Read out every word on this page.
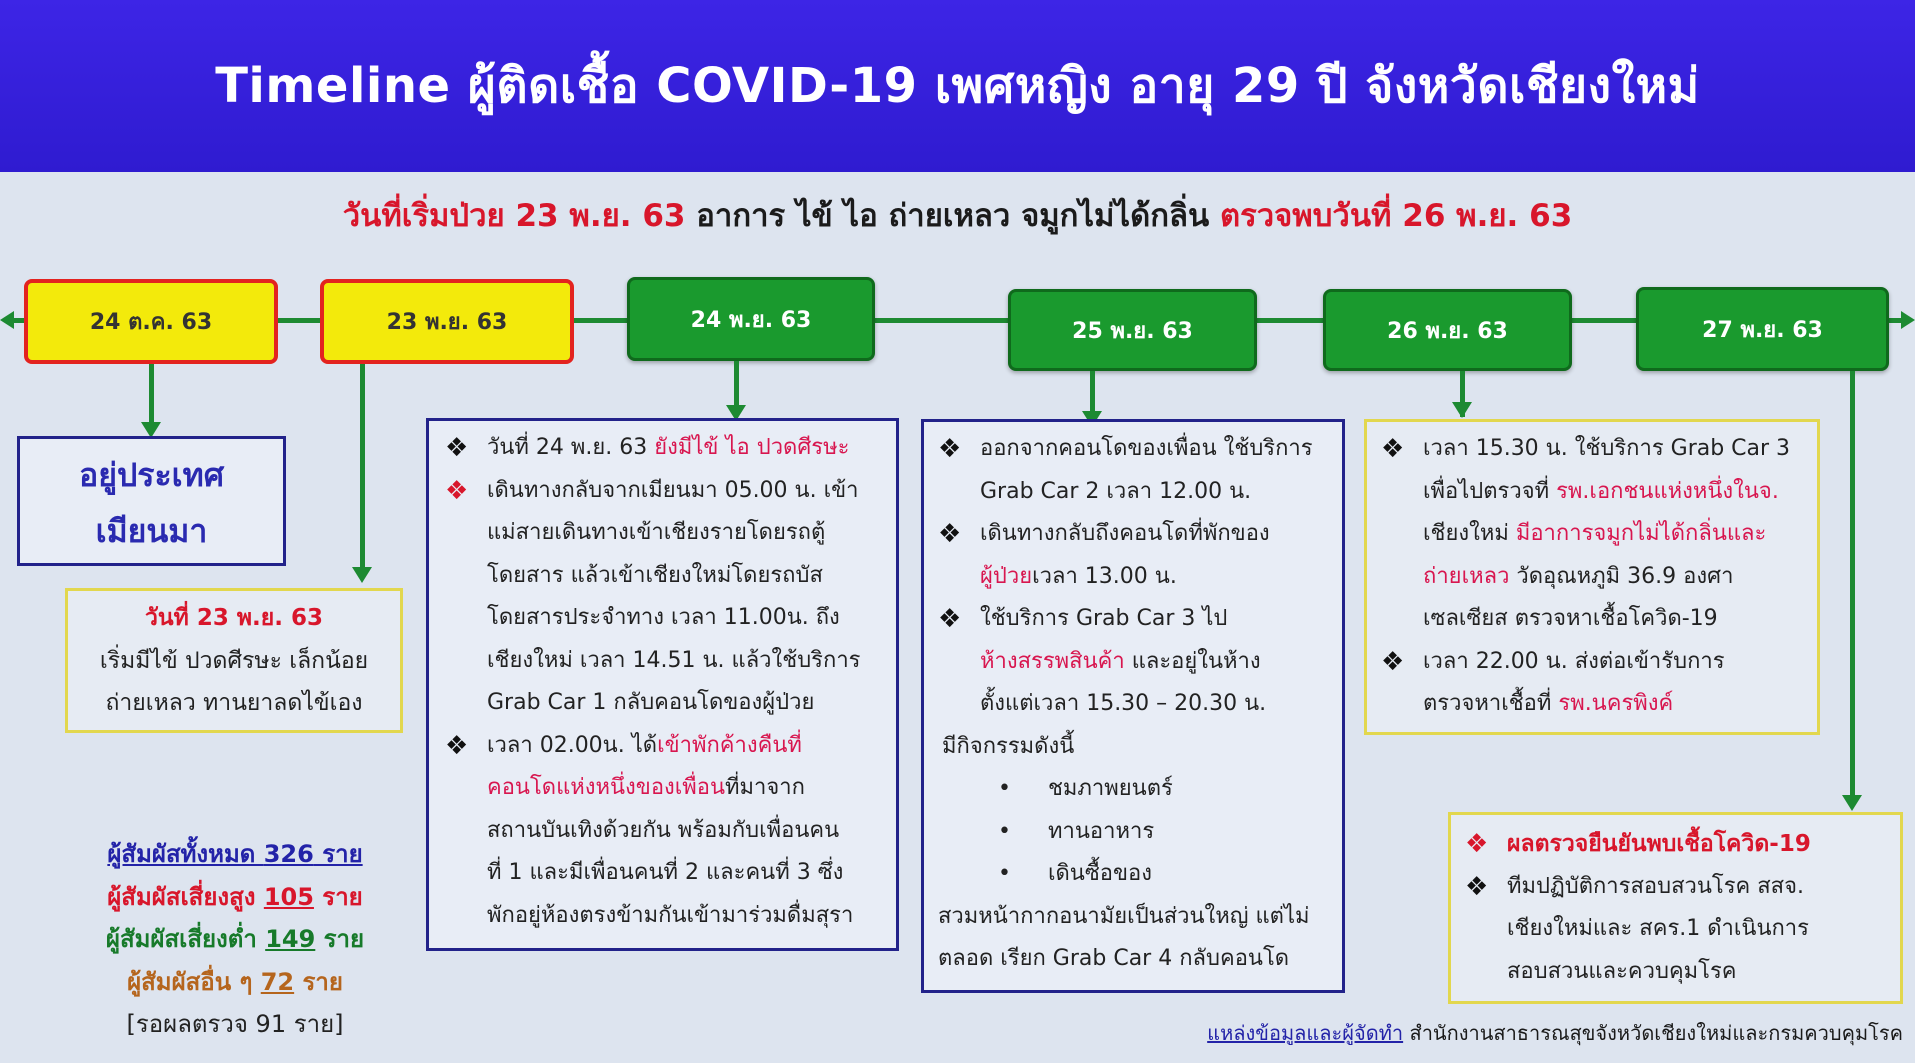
Timeline ผู้ติดเชื้อ COVID-19 เพศหญิง อายุ 29 ปี จังหวัดเชียงใหม่
วันที่เริ่มป่วย 23 พ.ย. 63 อาการ ไข้ ไอ ถ่ายเหลว จมูกไม่ได้กลิ่น ตรวจพบวันที่ 26 พ.ย. 63
24 ต.ค. 63	23 พ.ย. 63	24 พ.ย. 63	25 พ.ย. 63	26 พ.ย. 63	27 พ.ย. 63
อยู่ประเทศ
เมียนมา
วันที่ 23 พ.ย. 63
เริ่มมีไข้ ปวดศีรษะ เล็กน้อย
ถ่ายเหลว ทานยาลดไข้เอง
❖ วันที่ 24 พ.ย. 63 ยังมีไข้ ไอ ปวดศีรษะ
❖ เดินทางกลับจากเมียนมา 05.00 น. เข้า
แม่สายเดินทางเข้าเชียงรายโดยรถตู้
โดยสาร แล้วเข้าเชียงใหม่โดยรถบัส
โดยสารประจำทาง เวลา 11.00น. ถึง
เชียงใหม่ เวลา 14.51 น. แล้วใช้บริการ
Grab Car 1 กลับคอนโดของผู้ป่วย
❖ เวลา 02.00น. ได้เข้าพักค้างคืนที่
คอนโดแห่งหนึ่งของเพื่อนที่มาจาก
สถานบันเทิงด้วยกัน พร้อมกับเพื่อนคน
ที่ 1 และมีเพื่อนคนที่ 2 และคนที่ 3 ซึ่ง
พักอยู่ห้องตรงข้ามกันเข้ามาร่วมดื่มสุรา
❖ ออกจากคอนโดของเพื่อน ใช้บริการ
Grab Car 2 เวลา 12.00 น.
❖ เดินทางกลับถึงคอนโดที่พักของ
ผู้ป่วยเวลา 13.00 น.
❖ ใช้บริการ Grab Car 3 ไป
ห้างสรรพสินค้า และอยู่ในห้าง
ตั้งแต่เวลา 15.30 – 20.30 น.
มีกิจกรรมดังนี้
•	ชมภาพยนตร์
•	ทานอาหาร
•	เดินซื้อของ
สวมหน้ากากอนามัยเป็นส่วนใหญ่ แต่ไม่
ตลอด เรียก Grab Car 4 กลับคอนโด
❖ เวลา 15.30 น. ใช้บริการ Grab Car 3
เพื่อไปตรวจที่ รพ.เอกชนแห่งหนึ่งในจ.
เชียงใหม่ มีอาการจมูกไม่ได้กลิ่นและ
ถ่ายเหลว วัดอุณหภูมิ 36.9 องศา
เซลเซียส ตรวจหาเชื้อโควิด-19
❖ เวลา 22.00 น. ส่งต่อเข้ารับการ
ตรวจหาเชื้อที่ รพ.นครพิงค์
❖ ผลตรวจยืนยันพบเชื้อโควิด-19
❖ ทีมปฏิบัติการสอบสวนโรค สสจ.
เชียงใหม่และ สคร.1 ดำเนินการ
สอบสวนและควบคุมโรค
ผู้สัมผัสทั้งหมด 326 ราย
ผู้สัมผัสเสี่ยงสูง 105 ราย
ผู้สัมผัสเสี่ยงต่ำ 149 ราย
ผู้สัมผัสอื่น ๆ 72 ราย
[รอผลตรวจ 91 ราย]	แหล่งข้อมูลและผู้จัดทำ สำนักงานสาธารณสุขจังหวัดเชียงใหม่และกรมควบคุมโรค
